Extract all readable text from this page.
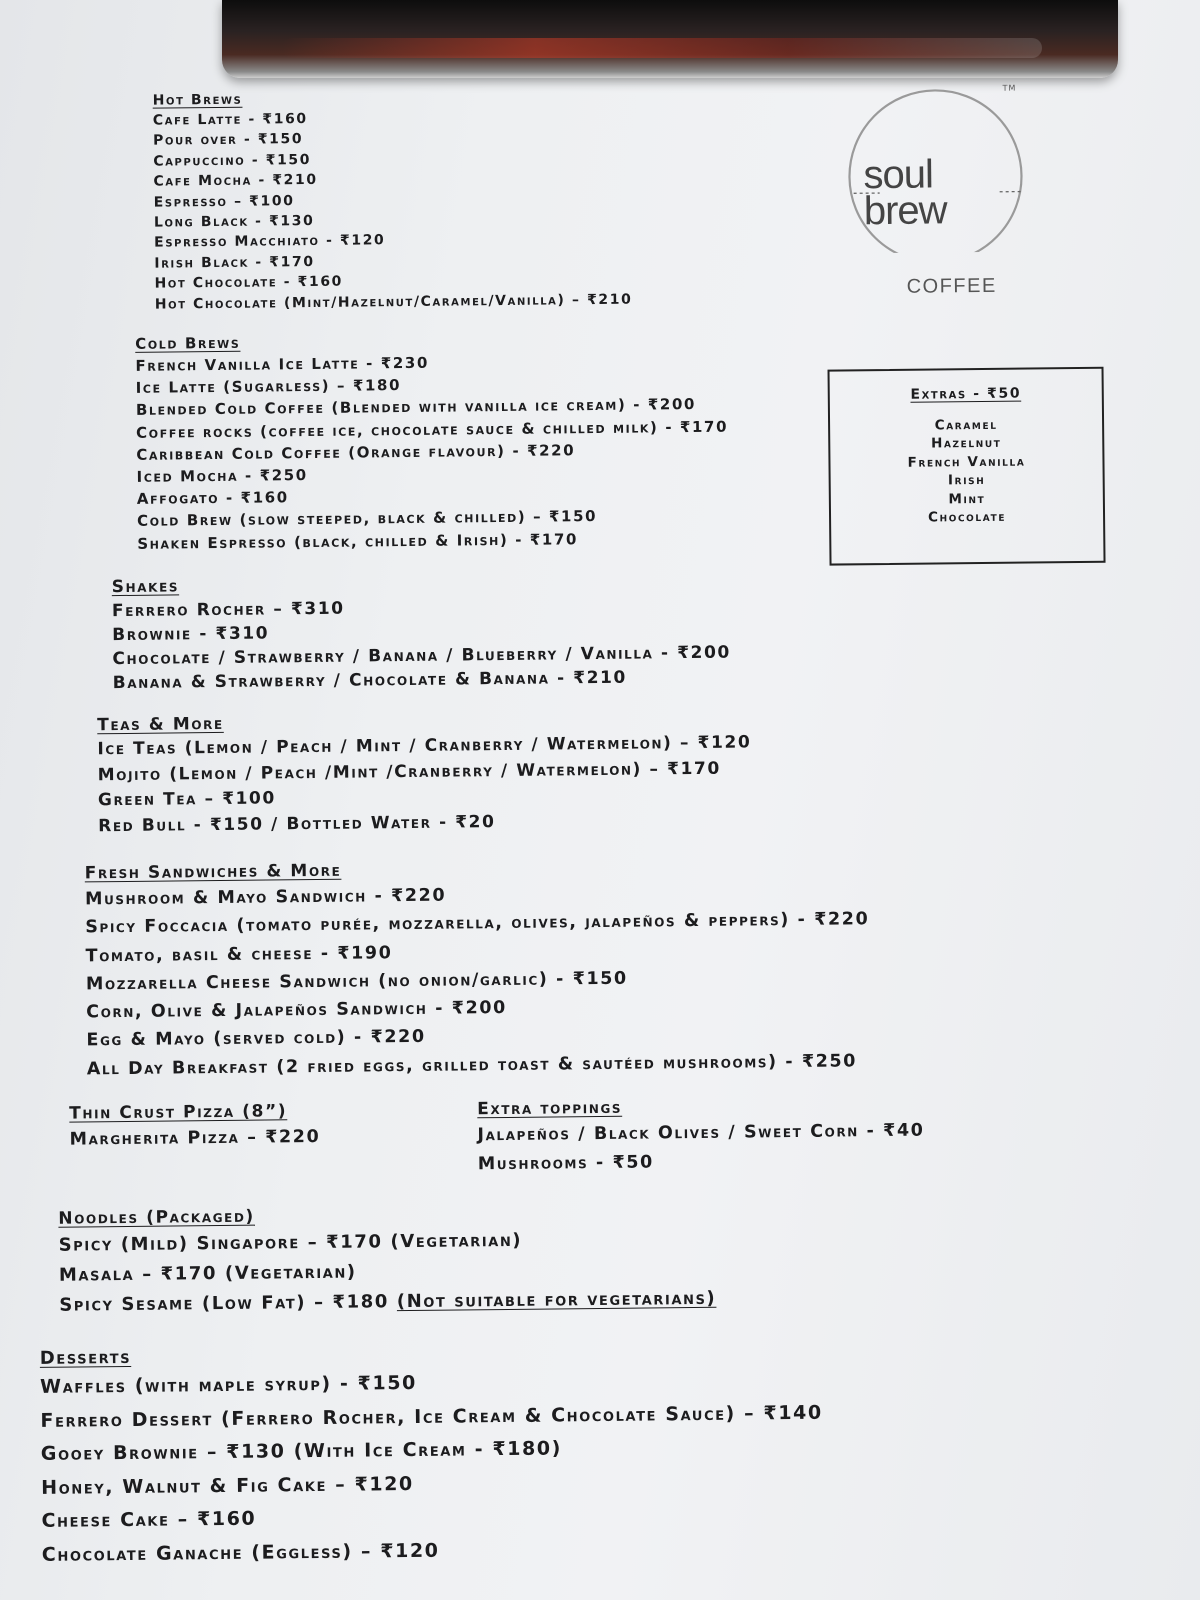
TM
soul
brew
COFFEE
Extras - ₹50
Caramel
Hazelnut
French Vanilla
Irish
Mint
Chocolate
Hot Brews
Cafe Latte - ₹160
Pour over - ₹150
Cappuccino - ₹150
Cafe Mocha - ₹210
Espresso – ₹100
Long Black - ₹130
Espresso Macchiato - ₹120
Irish Black - ₹170
Hot Chocolate - ₹160
Hot Chocolate (Mint/Hazelnut/Caramel/Vanilla) – ₹210
Cold Brews
French Vanilla Ice Latte - ₹230
Ice Latte (Sugarless) – ₹180
Blended Cold Coffee (Blended with vanilla ice cream) - ₹200
Coffee rocks (coffee ice, chocolate sauce & chilled milk) - ₹170
Caribbean Cold Coffee (Orange flavour) - ₹220
Iced Mocha - ₹250
Affogato - ₹160
Cold Brew (slow steeped, black & chilled) – ₹150
Shaken Espresso (black, chilled & Irish) - ₹170
Shakes
Ferrero Rocher – ₹310
Brownie - ₹310
Chocolate / Strawberry / Banana / Blueberry / Vanilla - ₹200
Banana & Strawberry / Chocolate & Banana - ₹210
Teas & More
Ice Teas (Lemon / Peach / Mint / Cranberry / Watermelon) – ₹120
Mojito (Lemon / Peach /Mint /Cranberry / Watermelon) – ₹170
Green Tea – ₹100
Red Bull - ₹150 / Bottled Water - ₹20
Fresh Sandwiches & More
Mushroom & Mayo Sandwich - ₹220
Spicy Foccacia (tomato purée, mozzarella, olives, jalapeños & peppers) - ₹220
Tomato, basil & cheese - ₹190
Mozzarella Cheese Sandwich (no onion/garlic) - ₹150
Corn, Olive & Jalapeños Sandwich - ₹200
Egg & Mayo (served cold) - ₹220
All Day Breakfast (2 fried eggs, grilled toast & sautéed mushrooms) - ₹250
Thin Crust Pizza (8”)
Margherita Pizza – ₹220
Extra toppings
Jalapeños / Black Olives / Sweet Corn - ₹40
Mushrooms - ₹50
Noodles (Packaged)
Spicy (Mild) Singapore – ₹170 (Vegetarian)
Masala – ₹170 (Vegetarian)
Spicy Sesame (Low Fat) – ₹180 (Not suitable for vegetarians)
Desserts
Waffles (with maple syrup) - ₹150
Ferrero Dessert (Ferrero Rocher, Ice Cream & Chocolate Sauce) – ₹140
Gooey Brownie – ₹130 (With Ice Cream - ₹180)
Honey, Walnut & Fig Cake – ₹120
Cheese Cake – ₹160
Chocolate Ganache (Eggless) – ₹120
